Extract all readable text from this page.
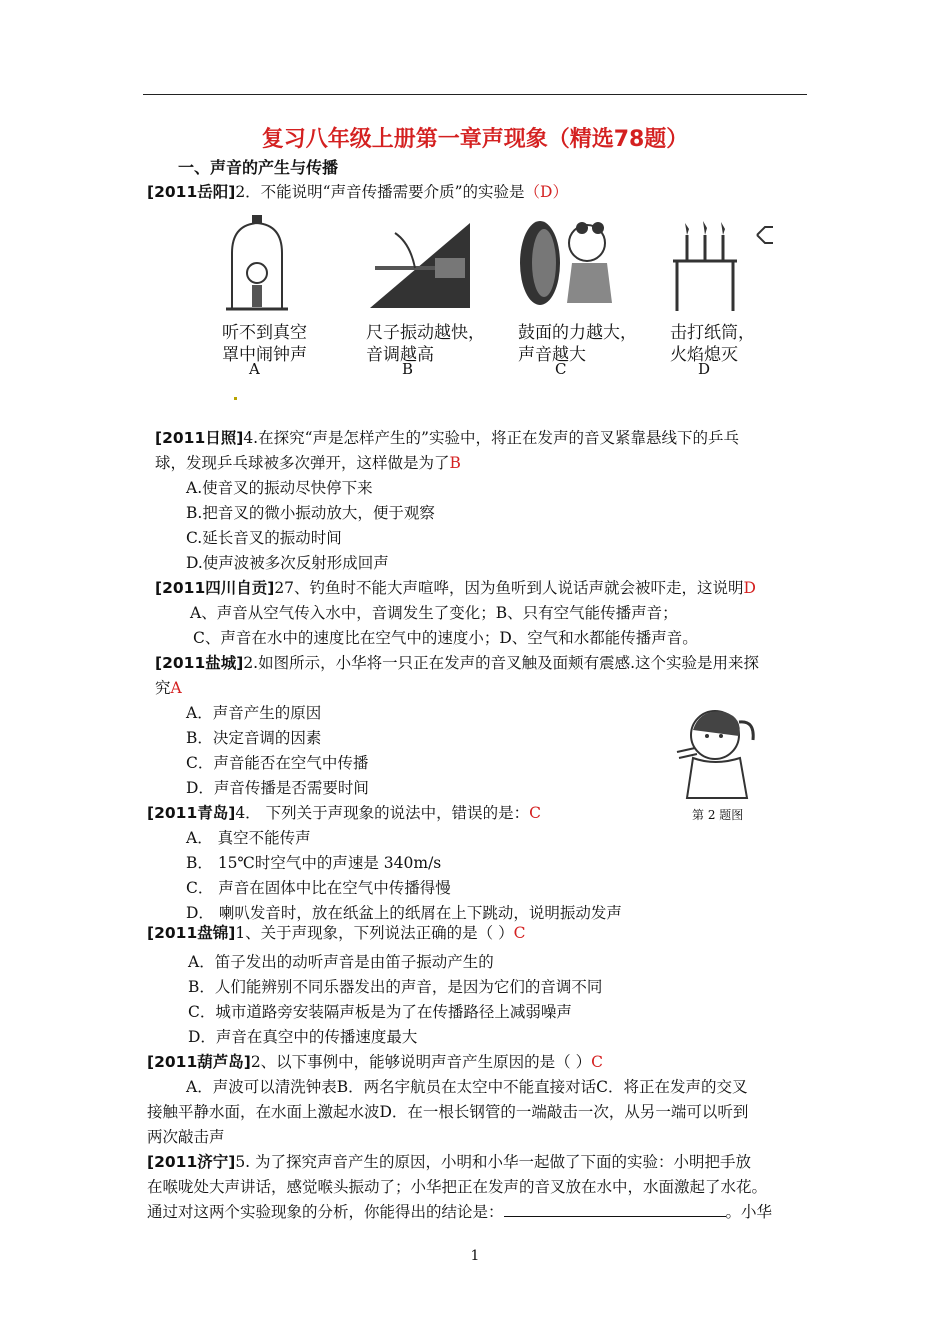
复习八年级上册第一章声现象（精选78题）
一、声音的产生与传播
[2011岳阳]2．不能说明“声音传播需要介质”的实验是（D）
听不到真空
罩中闹钟声
A
尺子振动越快，
音调越高
B
鼓面的力越大，
声音越大
C
击打纸筒，
火焰熄灭
D
[2011日照]4.在探究“声是怎样产生的”实验中，将正在发声的音叉紧靠悬线下的乒乓
球，发现乒乓球被多次弹开，这样做是为了B
A.使音叉的振动尽快停下来
B.把音叉的微小振动放大，便于观察
C.延长音叉的振动时间
D.使声波被多次反射形成回声
[2011四川自贡]27、钓鱼时不能大声喧哗，因为鱼听到人说话声就会被吓走，这说明D
A、声音从空气传入水中，音调发生了变化；B、只有空气能传播声音；
C、声音在水中的速度比在空气中的速度小；D、空气和水都能传播声音。
[2011盐城]2.如图所示，小华将一只正在发声的音叉触及面颊有震感.这个实验是用来探
究A
A．声音产生的原因
B．决定音调的因素
C．声音能否在空气中传播
D．声音传播是否需要时间
第 2 题图
[2011青岛]4． 下列关于声现象的说法中，错误的是：C
A． 真空不能传声
B． 15℃时空气中的声速是 340m/s
C． 声音在固体中比在空气中传播得慢
D． 喇叭发音时，放在纸盆上的纸屑在上下跳动，说明振动发声
[2011盘锦]1、关于声现象，下列说法正确的是（ ）C
A．笛子发出的动听声音是由笛子振动产生的
B．人们能辨别不同乐器发出的声音，是因为它们的音调不同
C．城市道路旁安装隔声板是为了在传播路径上减弱噪声
D．声音在真空中的传播速度最大
[2011葫芦岛]2、以下事例中，能够说明声音产生原因的是（ ）C
A．声波可以清洗钟表B．两名宇航员在太空中不能直接对话C．将正在发声的交叉
接触平静水面，在水面上激起水波D．在一根长钢管的一端敲击一次，从另一端可以听到
两次敲击声
[2011济宁]5. 为了探究声音产生的原因，小明和小华一起做了下面的实验：小明把手放
在喉咙处大声讲话，感觉喉头振动了；小华把正在发声的音叉放在水中，水面激起了水花。
通过对这两个实验现象的分析，你能得出的结论是：	。小华
1
